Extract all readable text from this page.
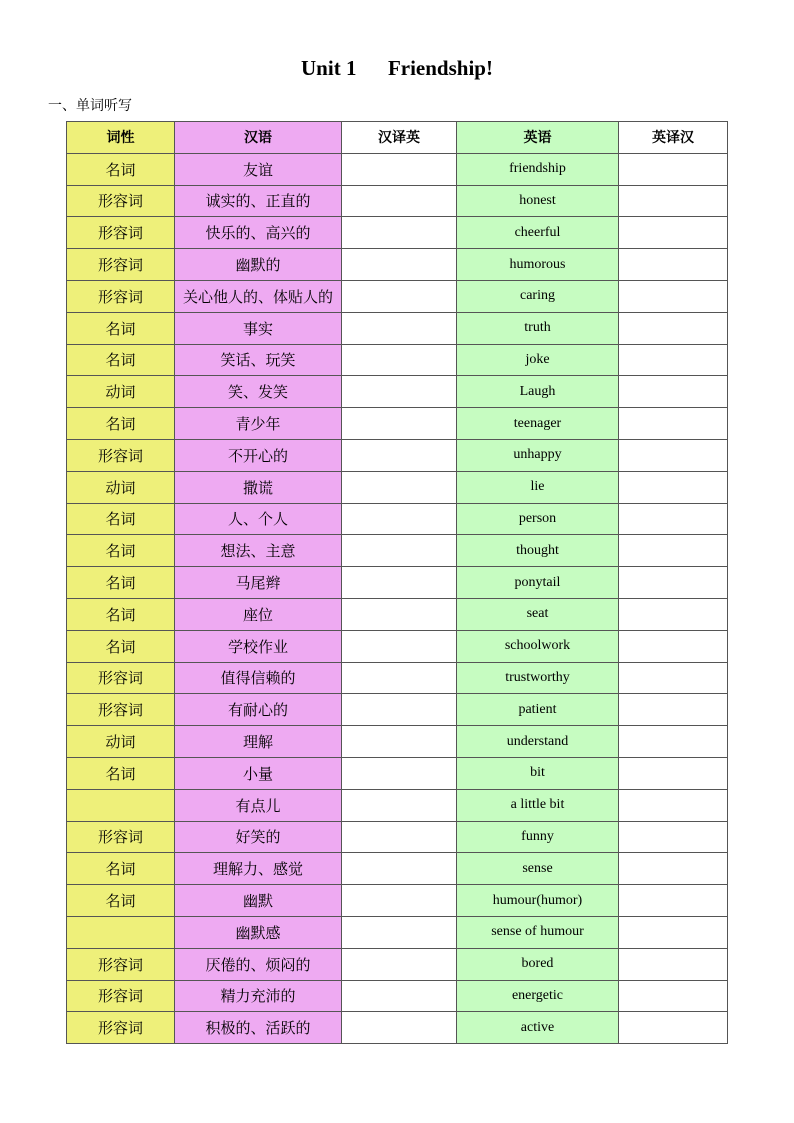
Unit 1      Friendship!
一、单词听写
词性	汉语	汉译英	英语	英译汉
名词	友谊		friendship	
形容词	诚实的、正直的		honest	
形容词	快乐的、高兴的		cheerful	
形容词	幽默的		humorous	
形容词	关心他人的、体贴人的		caring	
名词	事实		truth	
名词	笑话、玩笑		joke	
动词	笑、发笑		Laugh	
名词	青少年		teenager	
形容词	不开心的		unhappy	
动词	撒谎		lie	
名词	人、个人		person	
名词	想法、主意		thought	
名词	马尾辫		ponytail	
名词	座位		seat	
名词	学校作业		schoolwork	
形容词	值得信赖的		trustworthy	
形容词	有耐心的		patient	
动词	理解		understand	
名词	小量		bit	
	有点儿		a little bit	
形容词	好笑的		funny	
名词	理解力、感觉		sense	
名词	幽默		humour(humor)	
	幽默感		sense of humour	
形容词	厌倦的、烦闷的		bored	
形容词	精力充沛的		energetic	
形容词	积极的、活跃的		active	
